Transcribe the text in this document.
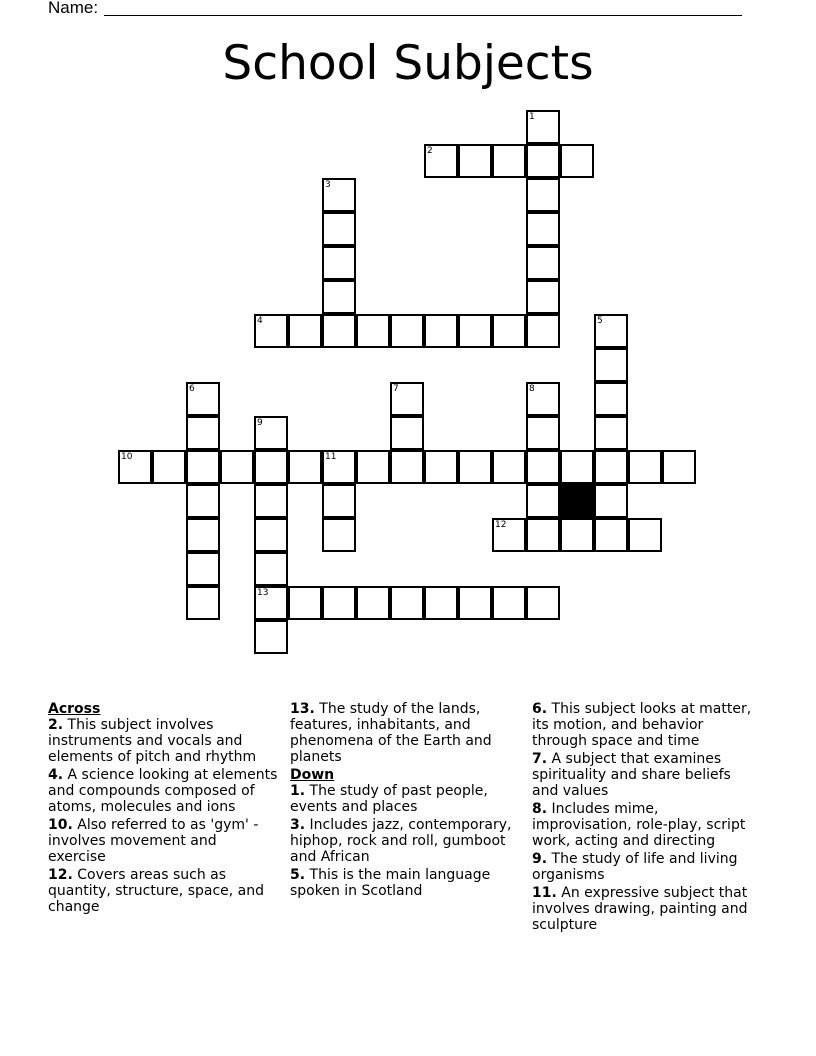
Name:
School Subjects
2
4
10	11
12
13
1
3
5
6	7	8
9
Across
2. This subject involves instruments and vocals and elements of pitch and rhythm
4. A science looking at elements and compounds composed of atoms, molecules and ions
10. Also referred to as 'gym' - involves movement and exercise
12. Covers areas such as quantity, structure, space, and change
13. The study of the lands, features, inhabitants, and phenomena of the Earth and planets
Down
1. The study of past people, events and places
3. Includes jazz, contemporary, hiphop, rock and roll, gumboot and African
5. This is the main language spoken in Scotland
6. This subject looks at matter, its motion, and behavior through space and time
7. A subject that examines spirituality and share beliefs and values
8. Includes mime, improvisation, role-play, script work, acting and directing
9. The study of life and living organisms
11. An expressive subject that involves drawing, painting and sculpture
